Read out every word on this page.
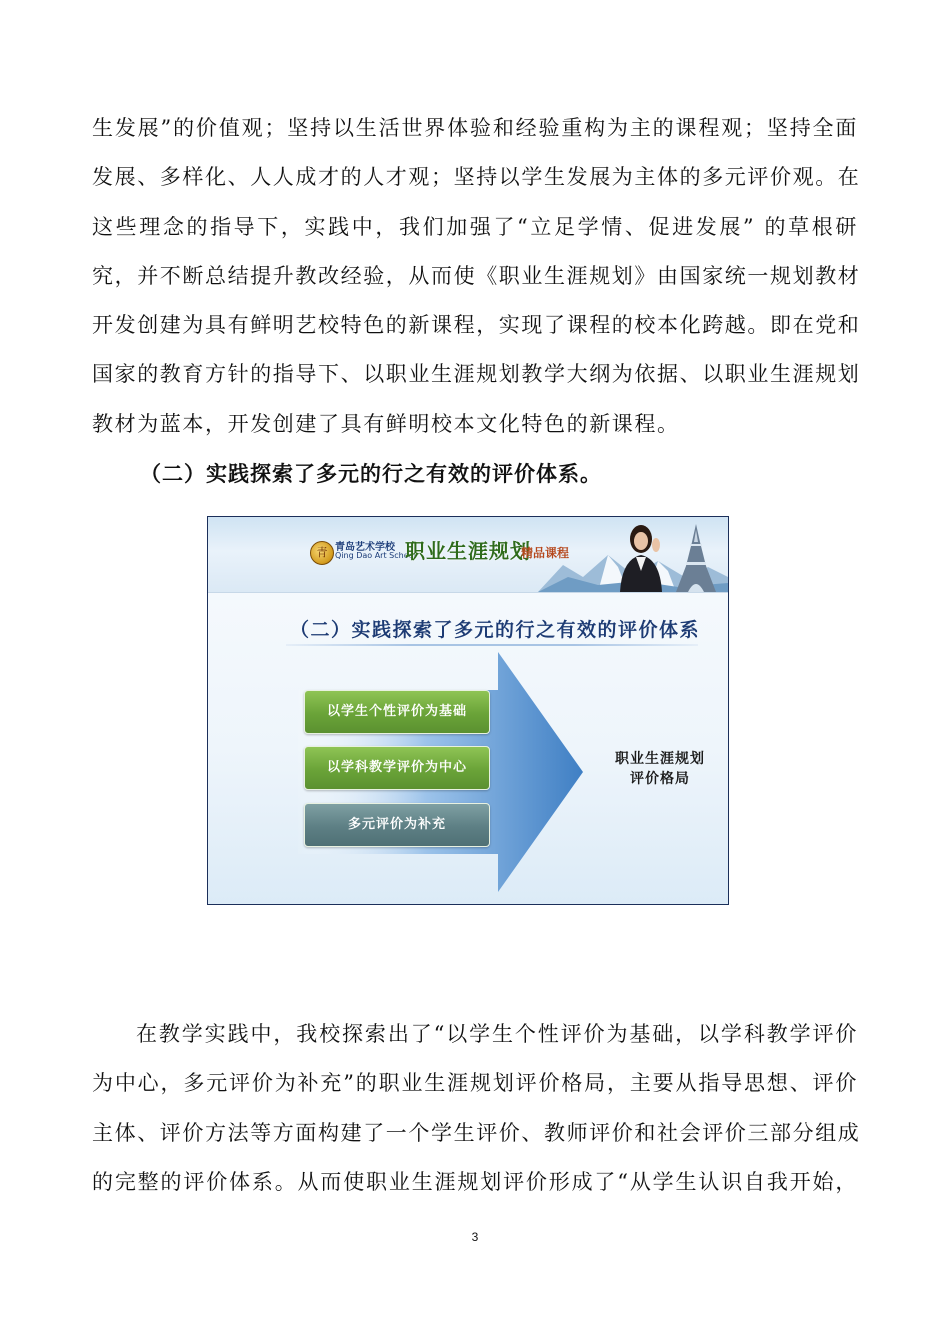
生发展”的价值观；坚持以生活世界体验和经验重构为主的课程观；坚持全面
发展、多样化、人人成才的人才观；坚持以学生发展为主体的多元评价观。在
这些理念的指导下，实践中，我们加强了“立足学情、促进发展” 的草根研
究，并不断总结提升教改经验，从而使《职业生涯规划》由国家统一规划教材
开发创建为具有鲜明艺校特色的新课程，实现了课程的校本化跨越。即在党和
国家的教育方针的指导下、以职业生涯规划教学大纲为依据、以职业生涯规划
教材为蓝本，开发创建了具有鲜明校本文化特色的新课程。
（二）实践探索了多元的行之有效的评价体系。
青 青岛艺术学校

Qing Dao Art School

职业生涯规划

精品课程

（二）实践探索了多元的行之有效的评价体系

以学生个性评价为基础
以学科教学评价为中心
多元评价为补充
职业生涯规划
评价格局
在教学实践中，我校探索出了“以学生个性评价为基础，以学科教学评价
为中心，多元评价为补充”的职业生涯规划评价格局，主要从指导思想、评价
主体、评价方法等方面构建了一个学生评价、教师评价和社会评价三部分组成
的完整的评价体系。从而使职业生涯规划评价形成了“从学生认识自我开始，

3
